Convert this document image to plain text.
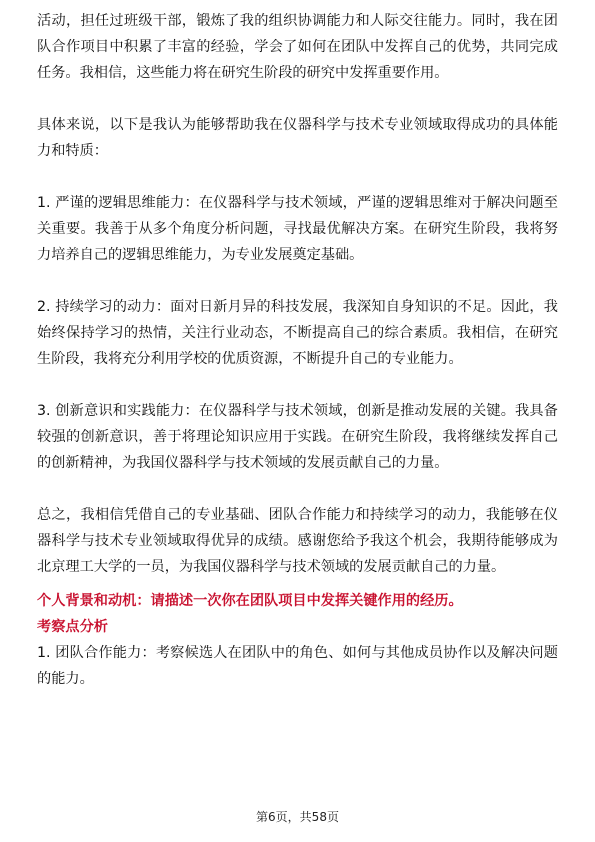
活动，担任过班级干部，锻炼了我的组织协调能力和人际交往能力。同时，我在团队合作项目中积累了丰富的经验，学会了如何在团队中发挥自己的优势，共同完成任务。我相信，这些能力将在研究生阶段的研究中发挥重要作用。

具体来说，以下是我认为能够帮助我在仪器科学与技术专业领域取得成功的具体能力和特质：

1. 严谨的逻辑思维能力：在仪器科学与技术领域，严谨的逻辑思维对于解决问题至关重要。我善于从多个角度分析问题，寻找最优解决方案。在研究生阶段，我将努力培养自己的逻辑思维能力，为专业发展奠定基础。

2. 持续学习的动力：面对日新月异的科技发展，我深知自身知识的不足。因此，我始终保持学习的热情，关注行业动态，不断提高自己的综合素质。我相信，在研究生阶段，我将充分利用学校的优质资源，不断提升自己的专业能力。

3. 创新意识和实践能力：在仪器科学与技术领域，创新是推动发展的关键。我具备较强的创新意识，善于将理论知识应用于实践。在研究生阶段，我将继续发挥自己的创新精神，为我国仪器科学与技术领域的发展贡献自己的力量。

总之，我相信凭借自己的专业基础、团队合作能力和持续学习的动力，我能够在仪器科学与技术专业领域取得优异的成绩。感谢您给予我这个机会，我期待能够成为北京理工大学的一员，为我国仪器科学与技术领域的发展贡献自己的力量。

个人背景和动机：请描述一次你在团队项目中发挥关键作用的经历。

考察点分析

1. 团队合作能力：考察候选人在团队中的角色、如何与其他成员协作以及解决问题的能力。

第6页，共58页
